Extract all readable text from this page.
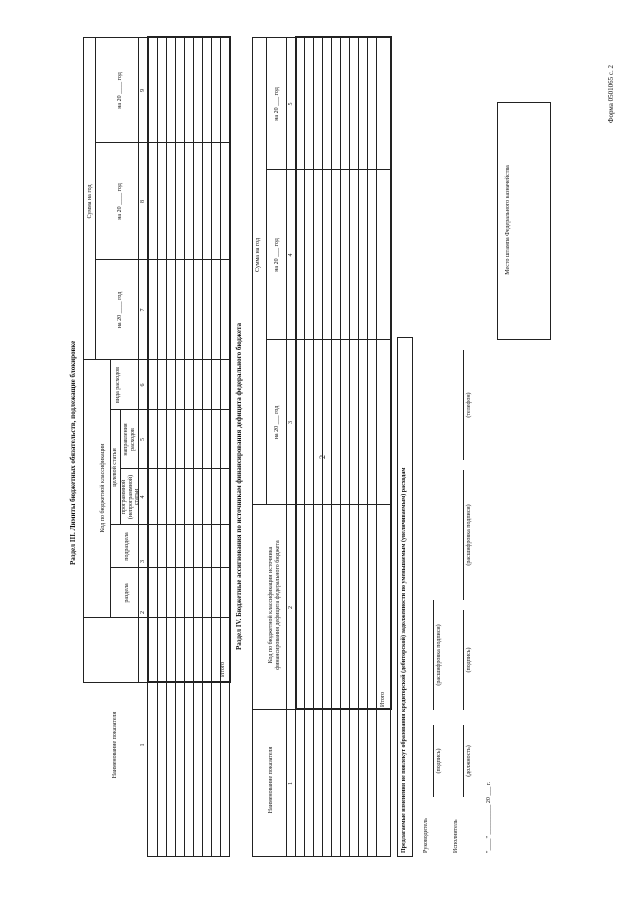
2
Форма 0501065 с. 2
Раздел III. Лимиты бюджетных обязательств, подлежащие блокировке
Наименование показателя
Код по бюджетной классификации
раздела
подраздела
целевой статьи
программной (непрограммной) статьи
направления расходов
вида расходов
Сумма на год
на 20 ____ год
на 20 ____ год
на 20 ____ год
1
2
3
4
5
6
7
8
9
Итого
Раздел IV. Бюджетные ассигнования по источникам финансирования дефицита федерального бюджета
Наименование показателя
Код по бюджетной классификации источника финансирования дефицита федерального бюджета
Сумма на год
на 20 ___ год
на 20 ___ год
на 20 ___ год
1
2
3
4
5
Итого	Предлагаемые изменения не повлекут образования кредиторской (дебиторской) задолженности по уменьшаемым (увеличиваемым) расходам	Руководитель
(подпись)
(расшифровка подписи)
Исполнитель
(должность)
(подпись)
(расшифровка подписи)
(телефон)
"____" __________ 20 ___ г.
Место штампа Федерального казначейства
